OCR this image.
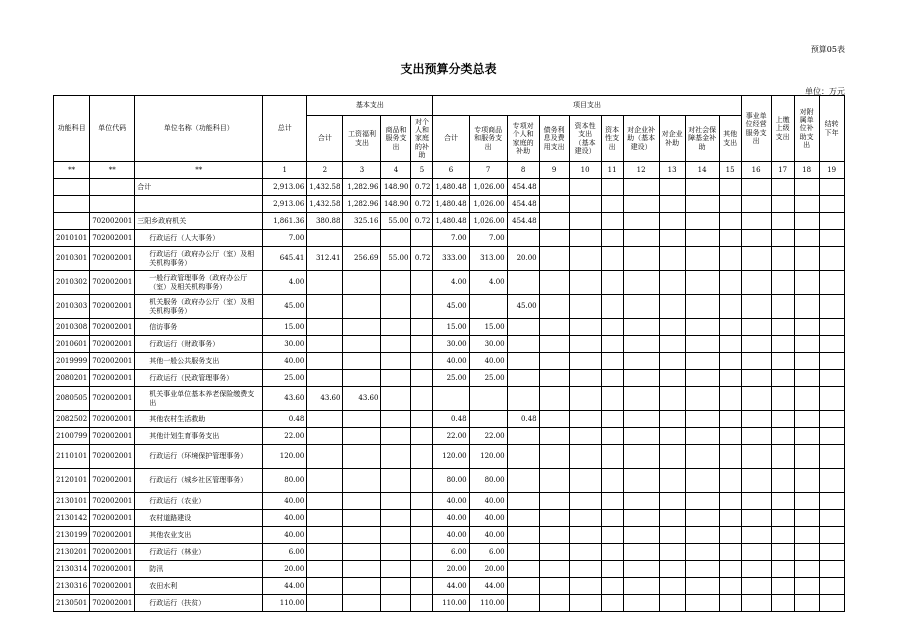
预算05表
支出预算分类总表
单位：万元
功能科目	单位代码	单位名称（功能科目）	总计	基本支出				项目支出										事业单位经营服务支出	上缴上级支出	对附属单位补助支出	结转下年
				合计	工资福利支出	商品和服务支出	对个人和家庭的补助	合计	专项商品和服务支出	专项对个人和家庭的补助	债务利息及费用支出	资本性支出（基本建设）	资本性支出	对企业补助（基本建设）	对企业补助	对社会保障基金补助	其他支出				
**	**	**	1	2	3	4	5	6	7	8	9	10	11	12	13	14	15	16	17	18	19
		合计	2,913.06	1,432.58	1,282.96	148.90	0.72	1,480.48	1,026.00	454.48											
			2,913.06	1,432.58	1,282.96	148.90	0.72	1,480.48	1,026.00	454.48											
	702002001	三阳乡政府机关	1,861.36	380.88	325.16	55.00	0.72	1,480.48	1,026.00	454.48											
2010101	702002001	行政运行（人大事务）	7.00					7.00	7.00												
2010301	702002001	行政运行（政府办公厅（室）及相关机构事务）	645.41	312.41	256.69	55.00	0.72	333.00	313.00	20.00											
2010302	702002001	一般行政管理事务（政府办公厅（室）及相关机构事务）	4.00					4.00	4.00												
2010303	702002001	机关服务（政府办公厅（室）及相关机构事务）	45.00					45.00		45.00											
2010308	702002001	信访事务	15.00					15.00	15.00												
2010601	702002001	行政运行（财政事务）	30.00					30.00	30.00												
2019999	702002001	其他一般公共服务支出	40.00					40.00	40.00												
2080201	702002001	行政运行（民政管理事务）	25.00					25.00	25.00												
2080505	702002001	机关事业单位基本养老保险缴费支出	43.60	43.60	43.60																
2082502	702002001	其他农村生活救助	0.48					0.48		0.48											
2100799	702002001	其他计划生育事务支出	22.00					22.00	22.00												
2110101	702002001	行政运行（环境保护管理事务）	120.00					120.00	120.00												
2120101	702002001	行政运行（城乡社区管理事务）	80.00					80.00	80.00												
2130101	702002001	行政运行（农业）	40.00					40.00	40.00												
2130142	702002001	农村道路建设	40.00					40.00	40.00												
2130199	702002001	其他农业支出	40.00					40.00	40.00												
2130201	702002001	行政运行（林业）	6.00					6.00	6.00												
2130314	702002001	防汛	20.00					20.00	20.00												
2130316	702002001	农田水利	44.00					44.00	44.00												
2130501	702002001	行政运行（扶贫）	110.00					110.00	110.00												
